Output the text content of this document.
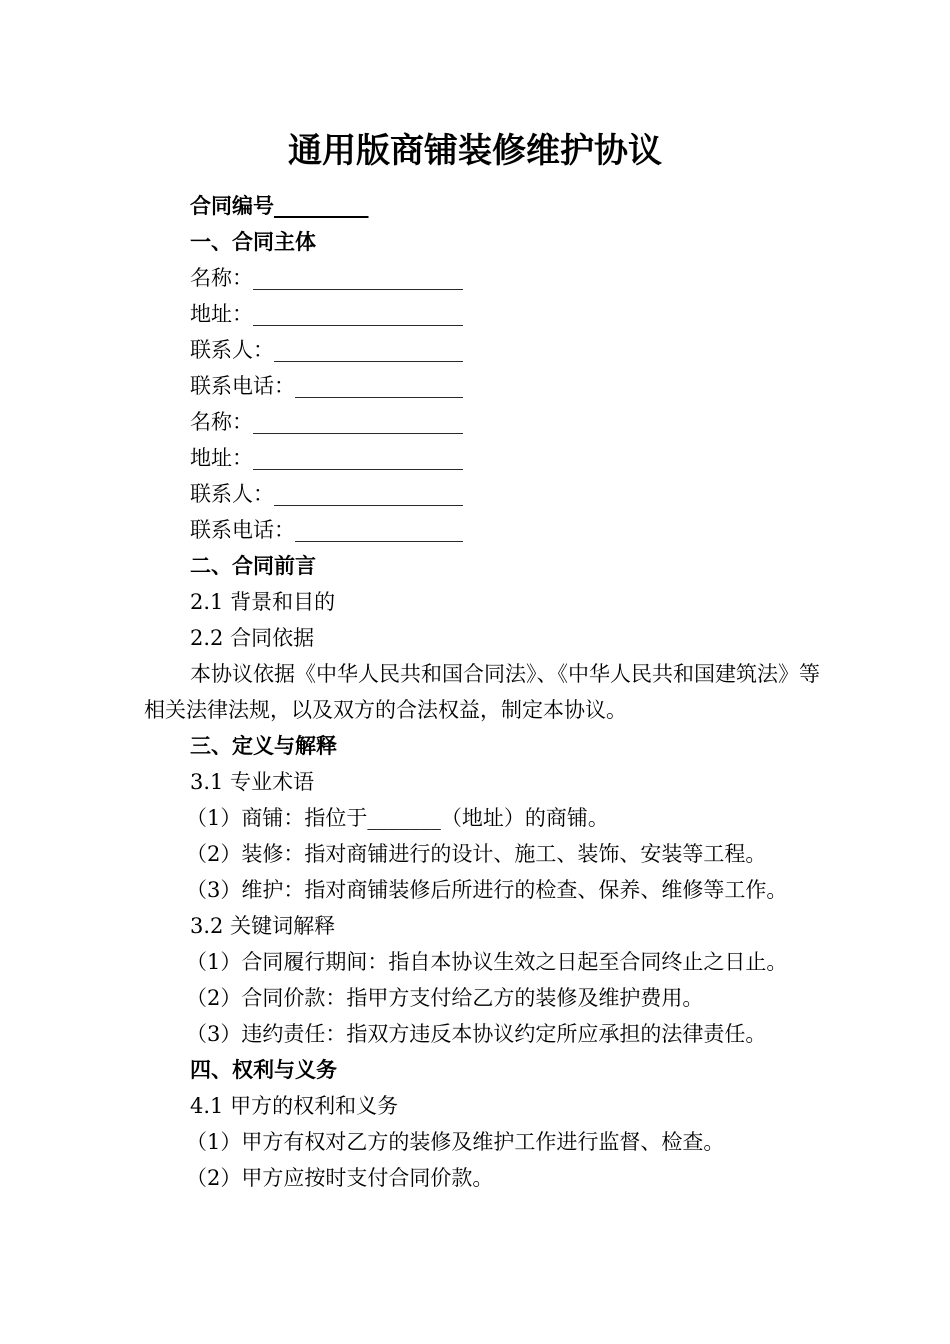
通用版商铺装修维护协议
合同编号_________
一、合同主体
名称：____________________
地址：____________________
联系人：__________________
联系电话：________________
名称：____________________
地址：____________________
联系人：__________________
联系电话：________________
二、合同前言
2.1 背景和目的
2.2 合同依据
本协议依据《中华人民共和国合同法》、《中华人民共和国建筑法》等相关法律法规，以及双方的合法权益，制定本协议。
三、定义与解释
3.1 专业术语
（1）商铺：指位于_______（地址）的商铺。
（2）装修：指对商铺进行的设计、施工、装饰、安装等工程。
（3）维护：指对商铺装修后所进行的检查、保养、维修等工作。
3.2 关键词解释
（1）合同履行期间：指自本协议生效之日起至合同终止之日止。
（2）合同价款：指甲方支付给乙方的装修及维护费用。
（3）违约责任：指双方违反本协议约定所应承担的法律责任。
四、权利与义务
4.1 甲方的权利和义务
（1）甲方有权对乙方的装修及维护工作进行监督、检查。
（2）甲方应按时支付合同价款。
